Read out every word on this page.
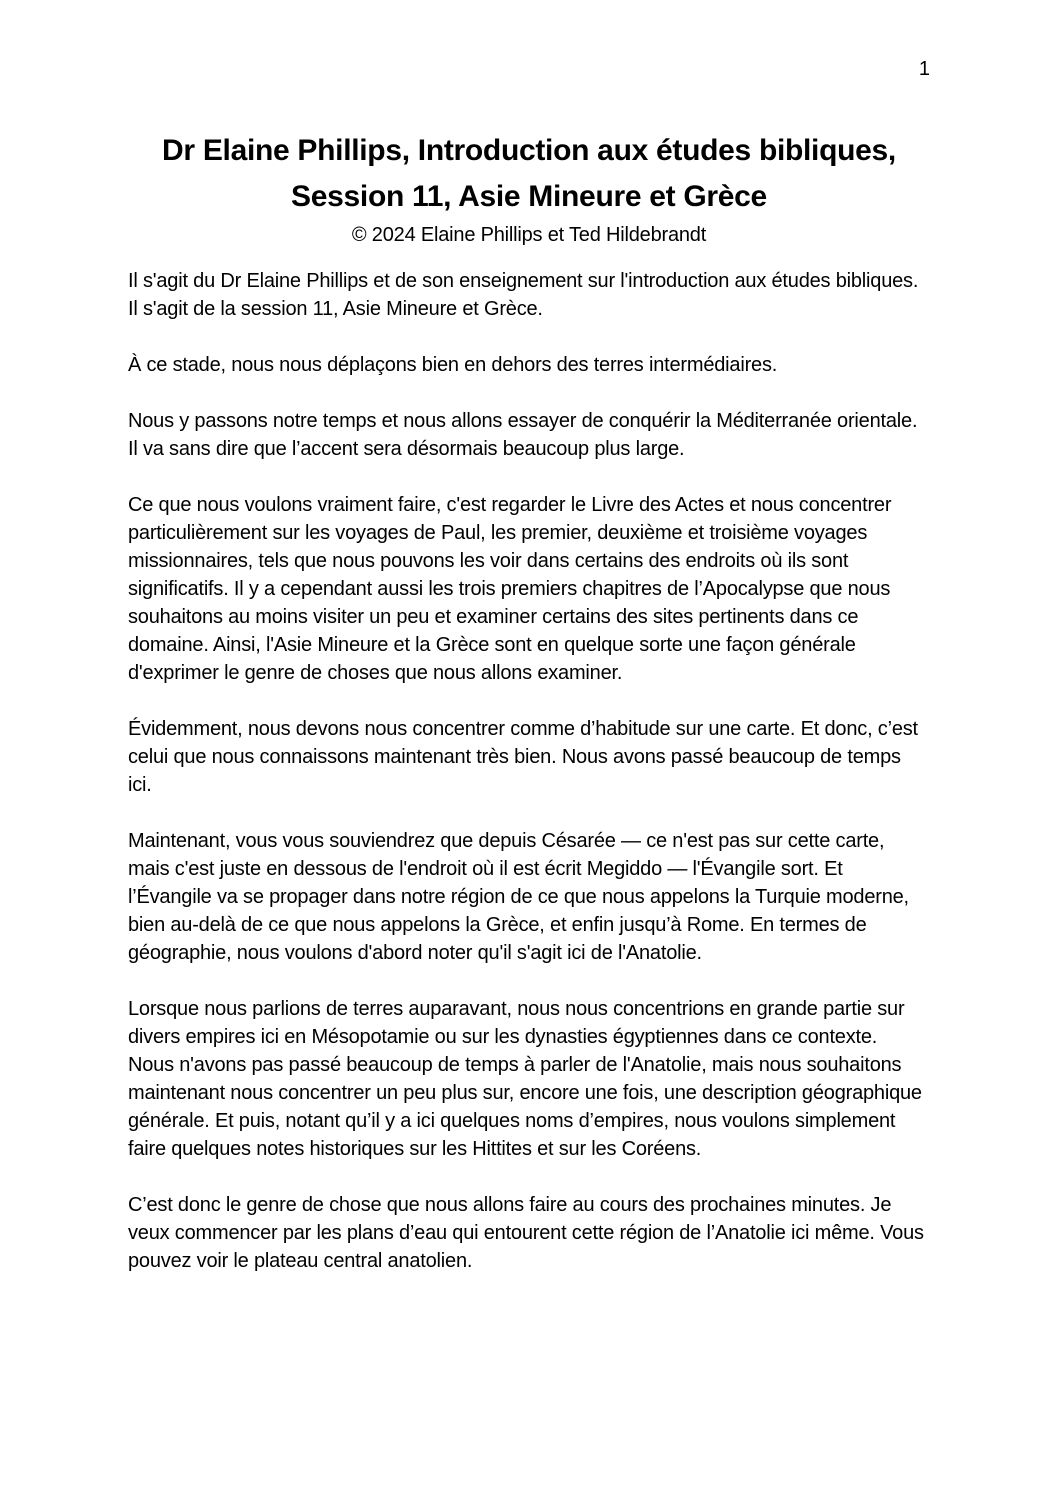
1
Dr Elaine Phillips, Introduction aux études bibliques,
Session 11, Asie Mineure et Grèce
© 2024 Elaine Phillips et Ted Hildebrandt

Il s'agit du Dr Elaine Phillips et de son enseignement sur l'introduction aux études bibliques. Il s'agit de la session 11, Asie Mineure et Grèce.

À ce stade, nous nous déplaçons bien en dehors des terres intermédiaires.

Nous y passons notre temps et nous allons essayer de conquérir la Méditerranée orientale. Il va sans dire que l’accent sera désormais beaucoup plus large.

Ce que nous voulons vraiment faire, c'est regarder le Livre des Actes et nous concentrer particulièrement sur les voyages de Paul, les premier, deuxième et troisième voyages missionnaires, tels que nous pouvons les voir dans certains des endroits où ils sont significatifs. Il y a cependant aussi les trois premiers chapitres de l’Apocalypse que nous souhaitons au moins visiter un peu et examiner certains des sites pertinents dans ce domaine. Ainsi, l'Asie Mineure et la Grèce sont en quelque sorte une façon générale d'exprimer le genre de choses que nous allons examiner.

Évidemment, nous devons nous concentrer comme d’habitude sur une carte. Et donc, c’est celui que nous connaissons maintenant très bien. Nous avons passé beaucoup de temps ici.

Maintenant, vous vous souviendrez que depuis Césarée — ce n'est pas sur cette carte, mais c'est juste en dessous de l'endroit où il est écrit Megiddo — l'Évangile sort. Et l’Évangile va se propager dans notre région de ce que nous appelons la Turquie moderne, bien au-delà de ce que nous appelons la Grèce, et enfin jusqu’à Rome. En termes de géographie, nous voulons d'abord noter qu'il s'agit ici de l'Anatolie.

Lorsque nous parlions de terres auparavant, nous nous concentrions en grande partie sur divers empires ici en Mésopotamie ou sur les dynasties égyptiennes dans ce contexte. Nous n'avons pas passé beaucoup de temps à parler de l'Anatolie, mais nous souhaitons maintenant nous concentrer un peu plus sur, encore une fois, une description géographique générale. Et puis, notant qu’il y a ici quelques noms d’empires, nous voulons simplement faire quelques notes historiques sur les Hittites et sur les Coréens.

C’est donc le genre de chose que nous allons faire au cours des prochaines minutes. Je veux commencer par les plans d’eau qui entourent cette région de l’Anatolie ici même. Vous pouvez voir le plateau central anatolien.
